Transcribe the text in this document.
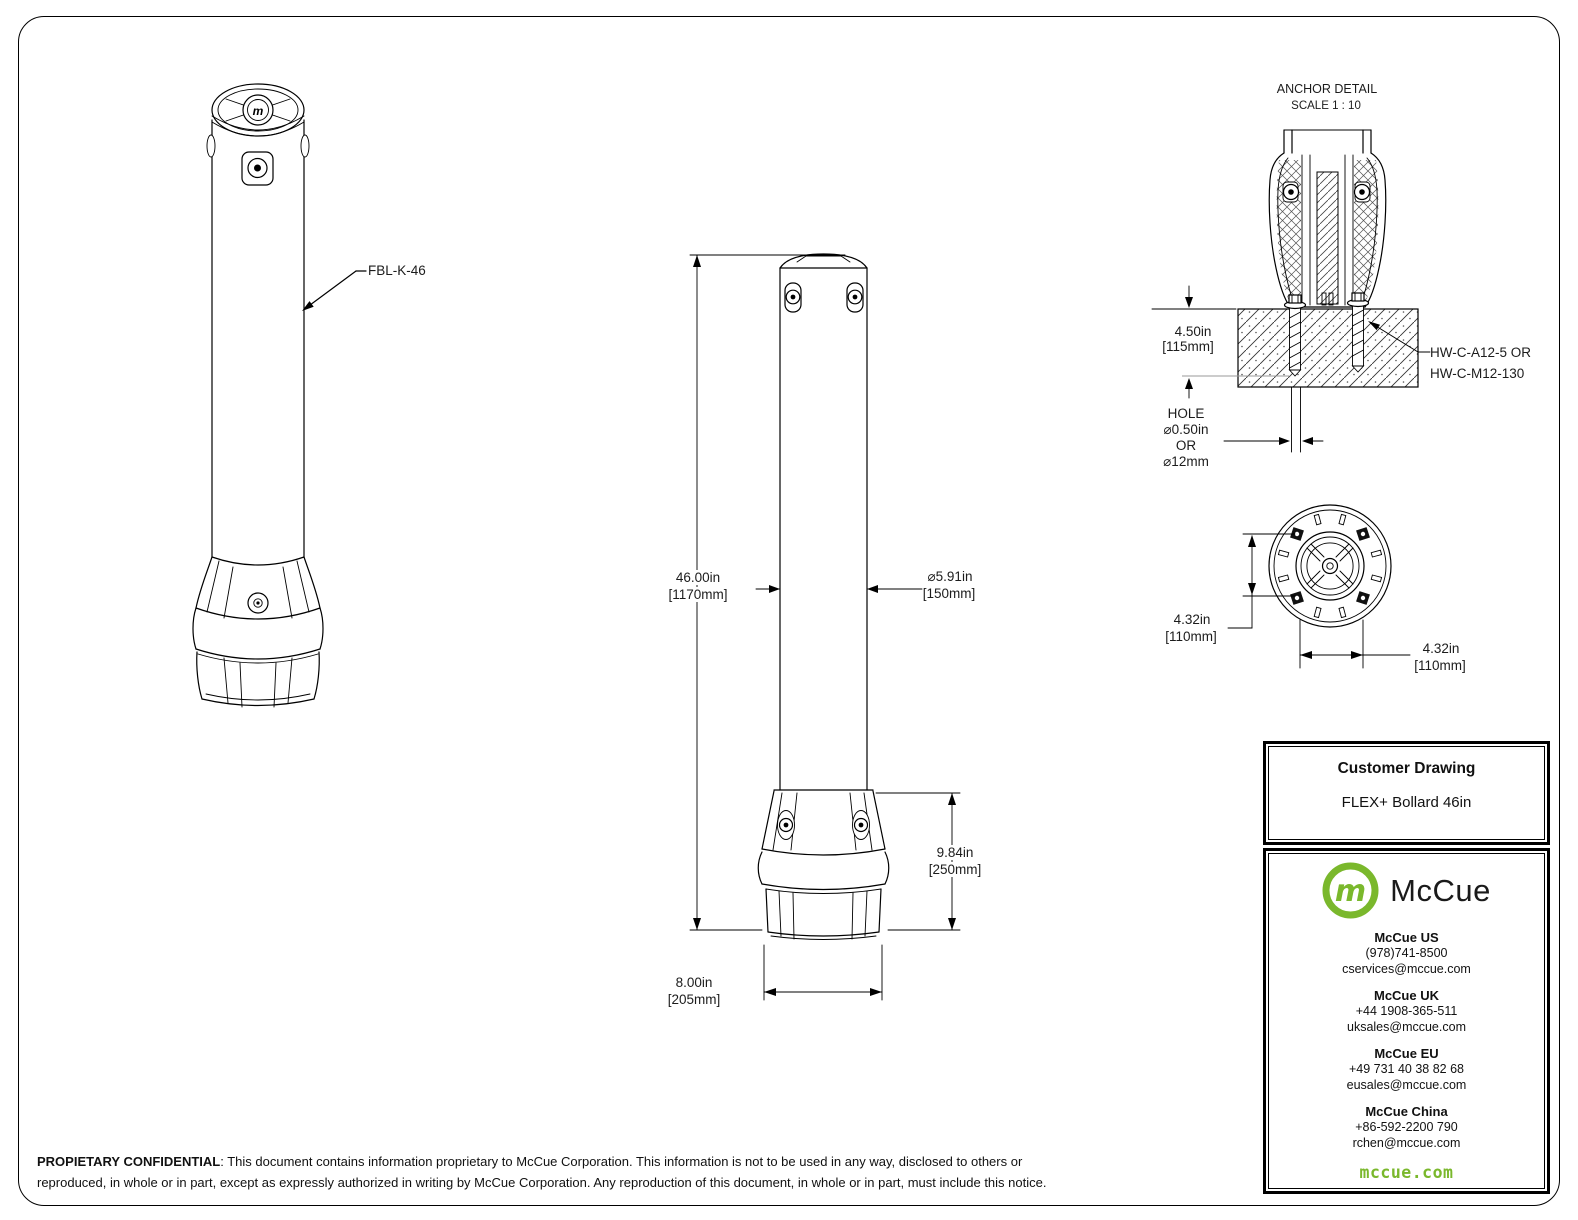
m
FBL-K-46
ANCHOR DETAIL
SCALE 1 : 10
46.00in
[1170mm]
⌀5.91in
[150mm]
9.84in
[250mm]
8.00in
[205mm]
4.50in
[115mm]
HOLE
⌀0.50in
OR
⌀12mm
HW-C-A12-5 OR
HW-C-M12-130
4.32in
[110mm]
4.32in
[110mm]
Customer Drawing
FLEX+ Bollard 46in
m McCue
McCue US
(978)741-8500
cservices@mccue.com
McCue UK
+44 1908-365-511
uksales@mccue.com
McCue EU
+49 731 40 38 82 68
eusales@mccue.com
McCue China
+86-592-2200 790
rchen@mccue.com
mccue.com
PROPIETARY CONFIDENTIAL: This document contains information proprietary to McCue Corporation. This information is not to be used in any way, disclosed to others or
reproduced, in whole or in part, except as expressly authorized in writing by McCue Corporation. Any reproduction of this document, in whole or in part, must include this notice.
